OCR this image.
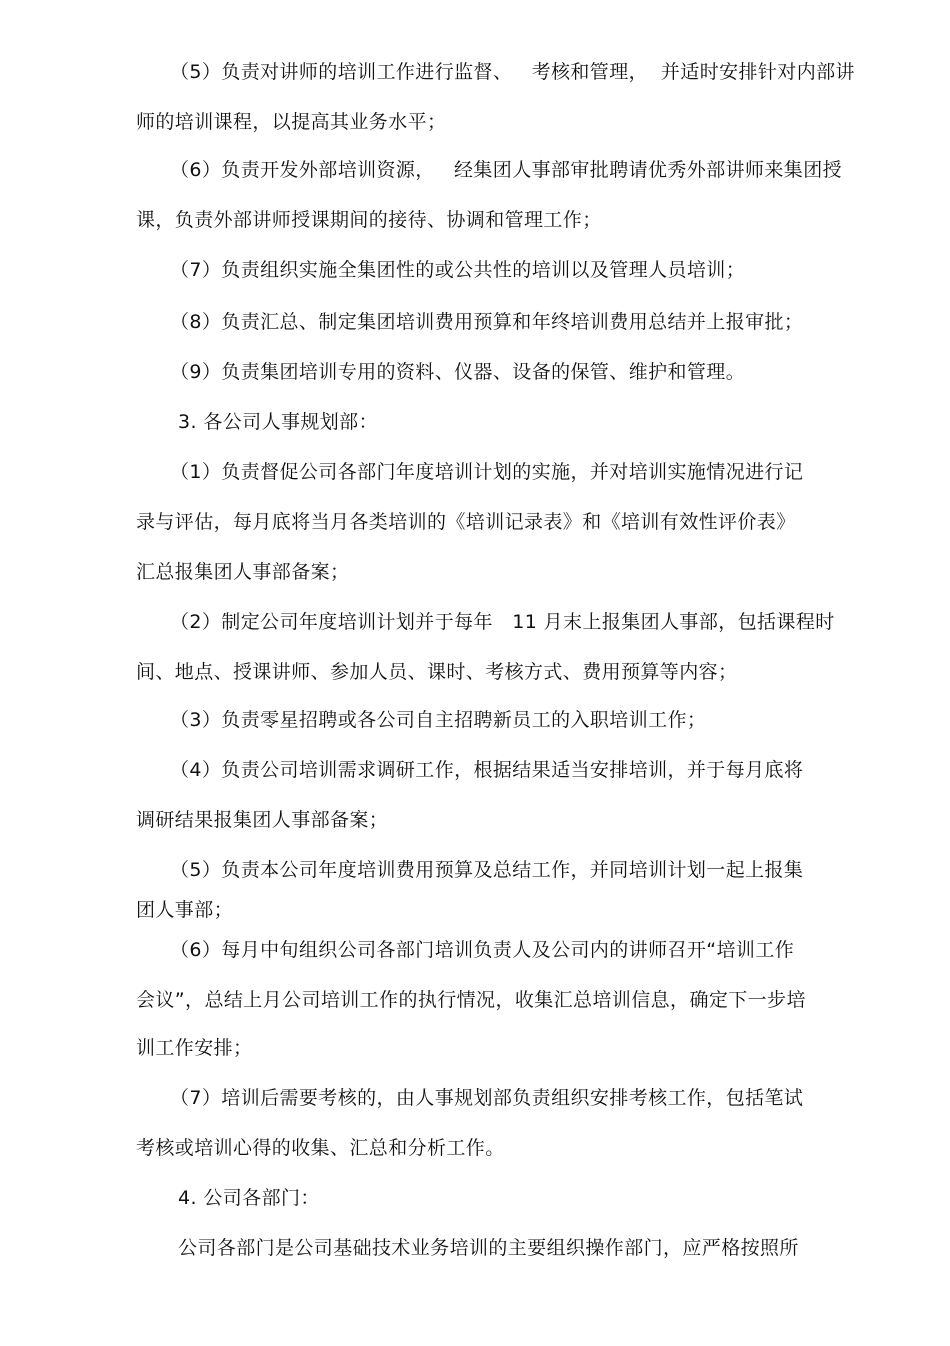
（5）负责对讲师的培训工作进行监督、   考核和管理，  并适时安排针对内部讲
师的培训课程，以提高其业务水平；
（6）负责开发外部培训资源，   经集团人事部审批聘请优秀外部讲师来集团授
课，负责外部讲师授课期间的接待、协调和管理工作；
（7）负责组织实施全集团性的或公共性的培训以及管理人员培训；
（8）负责汇总、制定集团培训费用预算和年终培训费用总结并上报审批；
（9）负责集团培训专用的资料、仪器、设备的保管、维护和管理。
3. 各公司人事规划部：
（1）负责督促公司各部门年度培训计划的实施，并对培训实施情况进行记
录与评估，每月底将当月各类培训的《培训记录表》和《培训有效性评价表》
汇总报集团人事部备案；
（2）制定公司年度培训计划并于每年   11 月末上报集团人事部，包括课程时
间、地点、授课讲师、参加人员、课时、考核方式、费用预算等内容；
（3）负责零星招聘或各公司自主招聘新员工的入职培训工作；
（4）负责公司培训需求调研工作，根据结果适当安排培训，并于每月底将
调研结果报集团人事部备案；
（5）负责本公司年度培训费用预算及总结工作，并同培训计划一起上报集
团人事部；
（6）每月中旬组织公司各部门培训负责人及公司内的讲师召开“培训工作
会议”，总结上月公司培训工作的执行情况，收集汇总培训信息，确定下一步培
训工作安排；
（7）培训后需要考核的，由人事规划部负责组织安排考核工作，包括笔试
考核或培训心得的收集、汇总和分析工作。
4. 公司各部门：
公司各部门是公司基础技术业务培训的主要组织操作部门，应严格按照所
